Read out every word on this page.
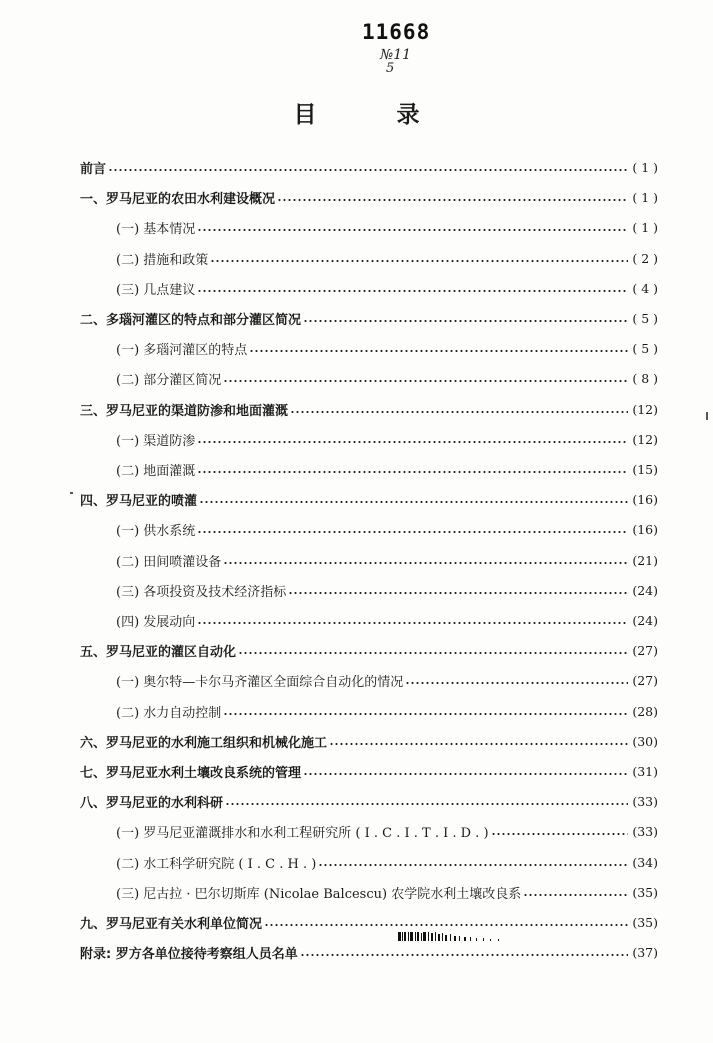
11668
№11
5
目录
前言	( 1 )
一、罗马尼亚的农田水利建设概况	( 1 )
(一) 基本情况	( 1 )
(二) 措施和政策	( 2 )
(三) 几点建议	( 4 )
二、多瑙河灌区的特点和部分灌区简况	( 5 )
(一) 多瑙河灌区的特点	( 5 )
(二) 部分灌区简况	( 8 )
三、罗马尼亚的渠道防渗和地面灌溉	(12)
(一) 渠道防渗	(12)
(二) 地面灌溉	(15)
四、罗马尼亚的喷灌	(16)
(一) 供水系统	(16)
(二) 田间喷灌设备	(21)
(三) 各项投资及技术经济指标	(24)
(四) 发展动向	(24)
五、罗马尼亚的灌区自动化	(27)
(一) 奥尔特—卡尔马齐灌区全面综合自动化的情况	(27)
(二) 水力自动控制	(28)
六、罗马尼亚的水利施工组织和机械化施工	(30)
七、罗马尼亚水利土壤改良系统的管理	(31)
八、罗马尼亚的水利科研	(33)
(一) 罗马尼亚灌溉排水和水利工程研究所 ( I . C . I . T . I . D . )	(33)
(二) 水工科学研究院 ( I . C . H . )	(34)
(三) 尼古拉 · 巴尔切斯库 (Nicolae Balcescu) 农学院水利土壤改良系	(35)
九、罗马尼亚有关水利单位简况	(35)
附录: 罗方各单位接待考察组人员名单	(37)
